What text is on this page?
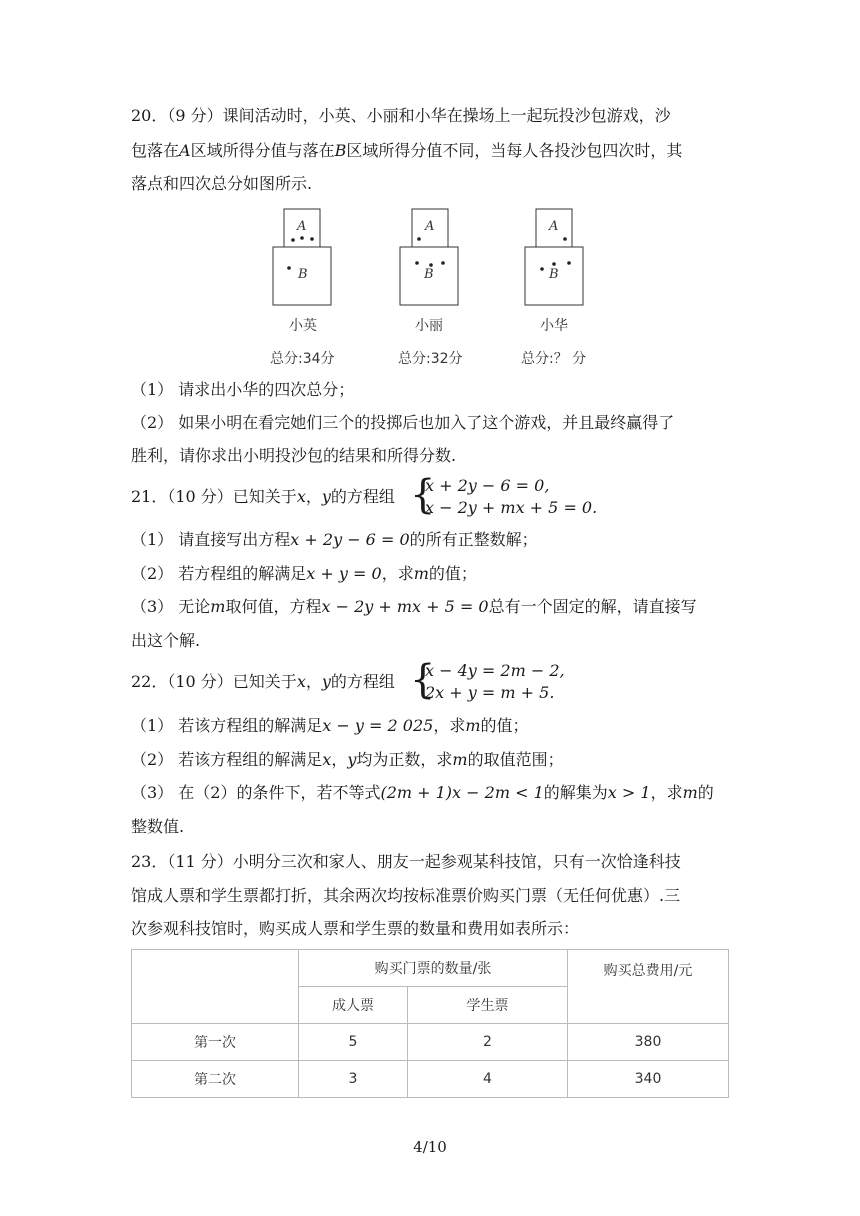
20．（9 分）课间活动时，小英、小丽和小华在操场上一起玩投沙包游戏，沙
包落在A区域所得分值与落在B区域所得分值不同，当每人各投沙包四次时，其
落点和四次总分如图所示.
A
B
A
B
A
B
小英	小丽	小华
总分:34分	总分:32分	总分:？ 分
（1） 请求出小华的四次总分；
（2） 如果小明在看完她们三个的投掷后也加入了这个游戏，并且最终赢得了
胜利，请你求出小明投沙包的结果和所得分数.
21．（10 分）已知关于x，y的方程组 {
x + 2y − 6 = 0,
x − 2y + mx + 5 = 0.
（1） 请直接写出方程x + 2y − 6 = 0的所有正整数解；
（2） 若方程组的解满足x + y = 0，求m的值；
（3） 无论m取何值，方程x − 2y + mx + 5 = 0总有一个固定的解，请直接写
出这个解.
22．（10 分）已知关于x，y的方程组 {
x − 4y = 2m − 2,
2x + y = m + 5.
（1） 若该方程组的解满足x − y = 2 025，求m的值；
（2） 若该方程组的解满足x，y均为正数，求m的取值范围；
（3） 在（2）的条件下，若不等式(2m + 1)x − 2m < 1的解集为x > 1，求m的
整数值.
23．（11 分）小明分三次和家人、朋友一起参观某科技馆，只有一次恰逢科技
馆成人票和学生票都打折，其余两次均按标准票价购买门票（无任何优惠）.三
次参观科技馆时，购买成人票和学生票的数量和费用如表所示：
	购买门票的数量/张		购买总费用/元
	成人票	学生票	
第一次	5	2	380
第二次	3	4	340
4/10
